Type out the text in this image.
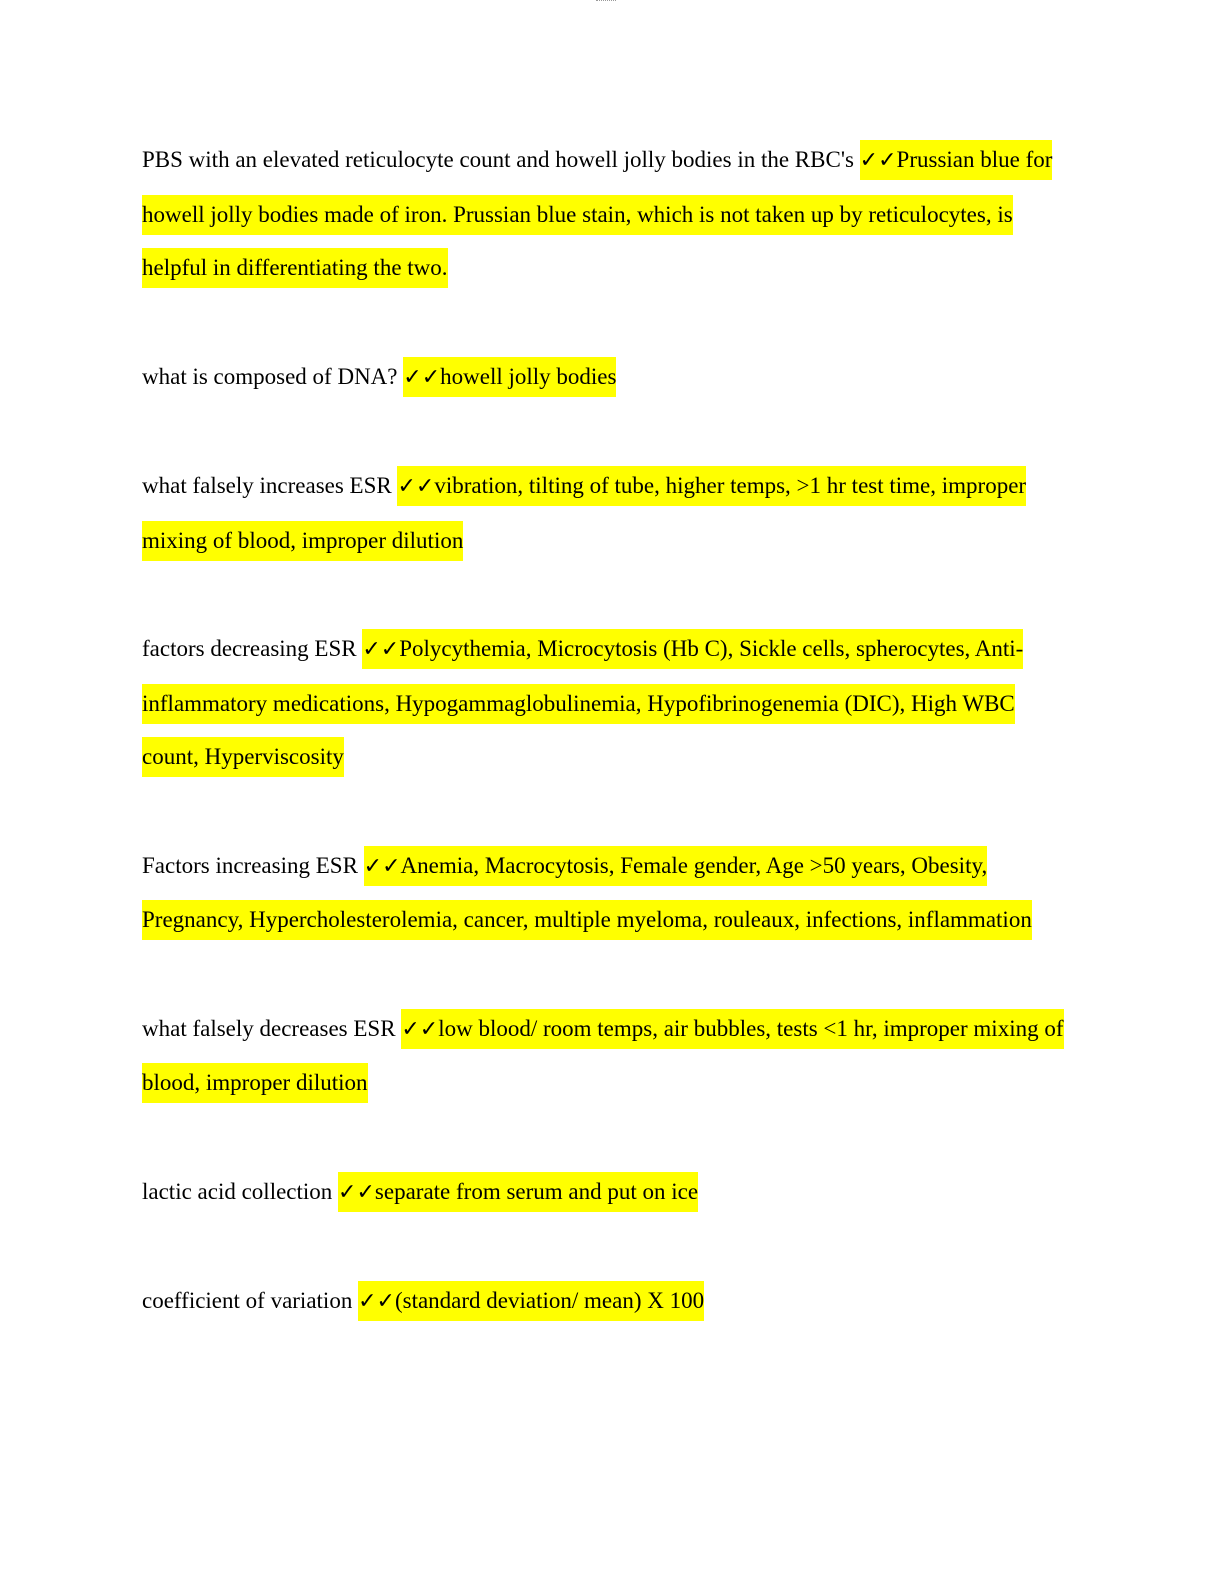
PBS with an elevated reticulocyte count and howell jolly bodies in the RBC's ✓✓Prussian blue for howell jolly bodies made of iron. Prussian blue stain, which is not taken up by reticulocytes, is helpful in differentiating the two.

what is composed of DNA? ✓✓howell jolly bodies

what falsely increases ESR ✓✓vibration, tilting of tube, higher temps, >1 hr test time, improper mixing of blood, improper dilution

factors decreasing ESR ✓✓Polycythemia, Microcytosis (Hb C), Sickle cells, spherocytes, Anti-inflammatory medications, Hypogammaglobulinemia, Hypofibrinogenemia (DIC), High WBC count, Hyperviscosity

Factors increasing ESR ✓✓Anemia, Macrocytosis, Female gender, Age >50 years, Obesity, Pregnancy, Hypercholesterolemia, cancer, multiple myeloma, rouleaux, infections, inflammation

what falsely decreases ESR ✓✓low blood/ room temps, air bubbles, tests <1 hr, improper mixing of blood, improper dilution

lactic acid collection ✓✓separate from serum and put on ice

coefficient of variation ✓✓(standard deviation/ mean) X 100
